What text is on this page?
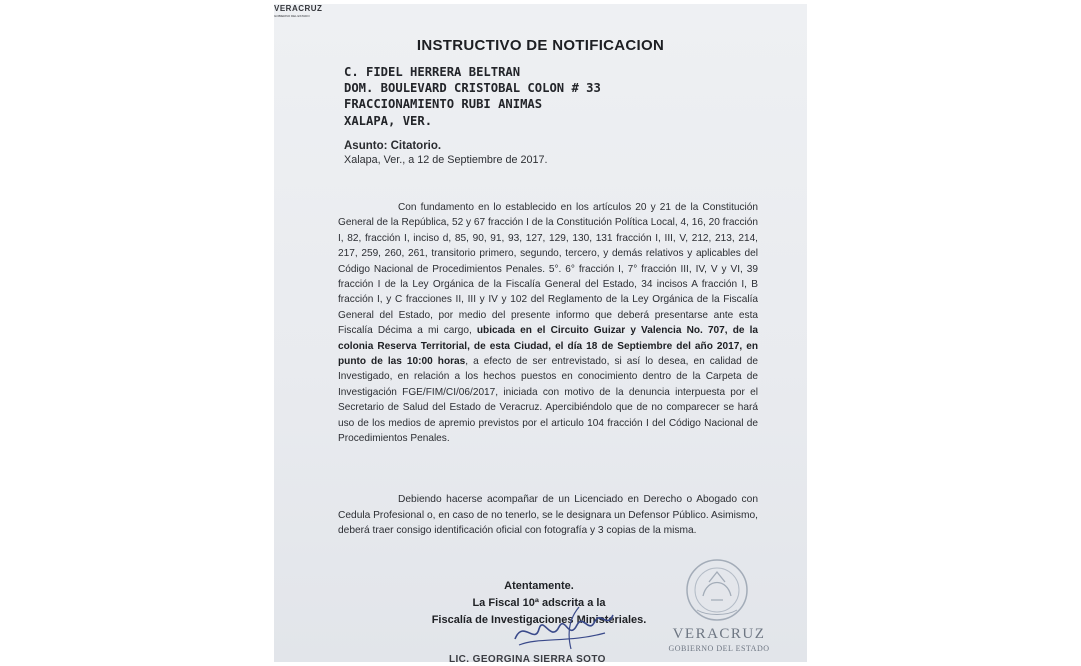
VERACRUZ
GOBIERNO DEL ESTADO
INSTRUCTIVO DE NOTIFICACION
C. FIDEL HERRERA BELTRAN
DOM. BOULEVARD CRISTOBAL COLON # 33
FRACCIONAMIENTO RUBI ANIMAS
XALAPA, VER.
Asunto: Citatorio.
Xalapa, Ver., a 12 de Septiembre de 2017.
Con fundamento en lo establecido en los artículos 20 y 21 de la Constitución General de la República, 52 y 67 fracción I de la Constitución Política Local, 4, 16, 20 fracción I, 82, fracción I, inciso d, 85, 90, 91, 93, 127, 129, 130, 131 fracción I, III, V, 212, 213, 214, 217, 259, 260, 261, transitorio primero, segundo, tercero, y demás relativos y aplicables del Código Nacional de Procedimientos Penales. 5°. 6° fracción I, 7° fracción III, IV, V y VI, 39 fracción I de la Ley Orgánica de la Fiscalía General del Estado, 34 incisos A fracción I, B fracción I, y C fracciones II, III y IV y 102 del Reglamento de la Ley Orgánica de la Fiscalía General del Estado, por medio del presente informo que deberá presentarse ante esta Fiscalía Décima a mi cargo, ubicada en el Circuito Guizar y Valencia No. 707, de la colonia Reserva Territorial, de esta Ciudad, el día 18 de Septiembre del año 2017, en punto de las 10:00 horas, a efecto de ser entrevistado, si así lo desea, en calidad de Investigado, en relación a los hechos puestos en conocimiento dentro de la Carpeta de Investigación FGE/FIM/CI/06/2017, iniciada con motivo de la denuncia interpuesta por el Secretario de Salud del Estado de Veracruz. Apercibiéndolo que de no comparecer se hará uso de los medios de apremio previstos por el articulo 104 fracción I del Código Nacional de Procedimientos Penales.
Debiendo hacerse acompañar de un Licenciado en Derecho o Abogado con Cedula Profesional o, en caso de no tenerlo, se le designara un Defensor Público. Asimismo, deberá traer consigo identificación oficial con fotografía y 3 copias de la misma.
Atentamente.
La Fiscal 10ª adscrita a la
Fiscalía de Investigaciones Ministeriales.
VERACRUZ
GOBIERNO DEL ESTADO
LIC. GEORGINA SIERRA SOTO
